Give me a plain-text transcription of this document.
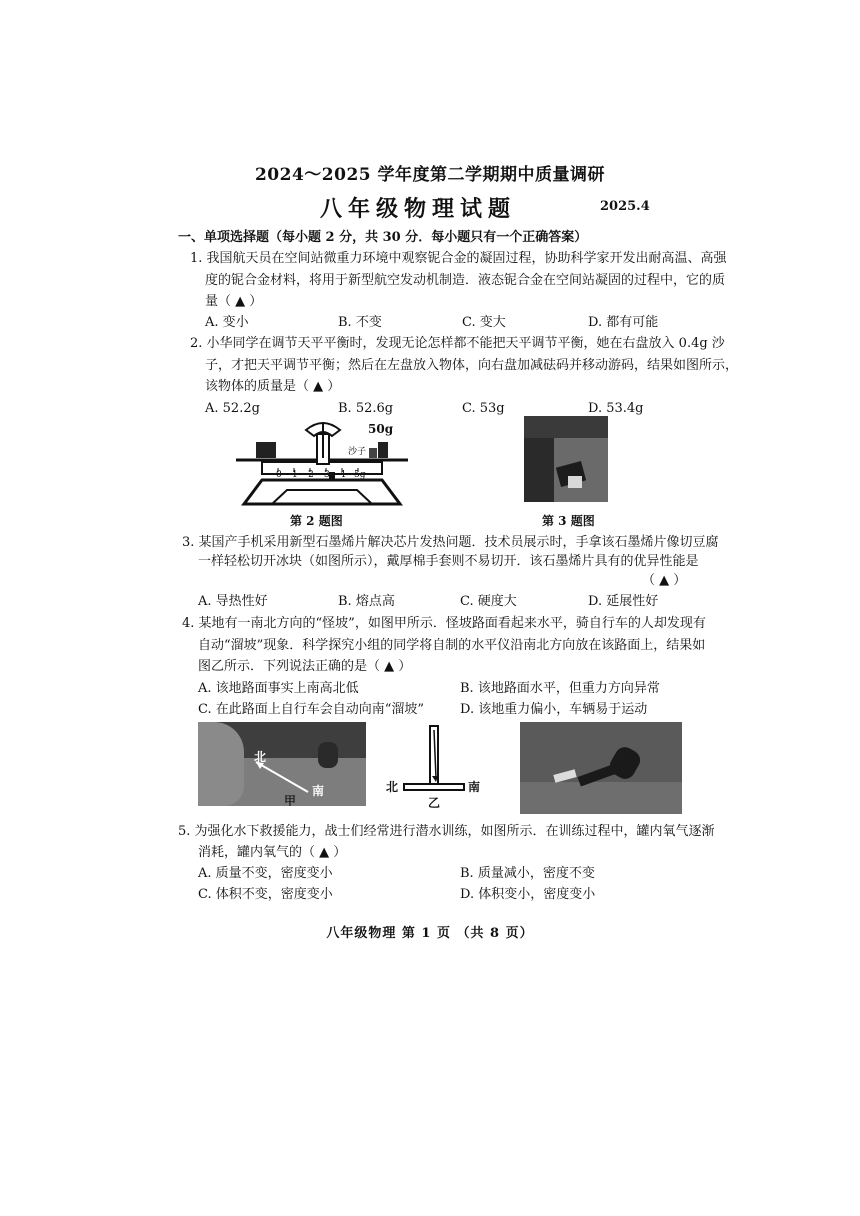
2024～2025 学年度第二学期期中质量调研
八年级物理试题	2025.4
一、单项选择题（每小题 2 分，共 30 分．每小题只有一个正确答案）
1. 我国航天员在空间站微重力环境中观察铌合金的凝固过程，协助科学家开发出耐高温、高强
度的铌合金材料，将用于新型航空发动机制造．液态铌合金在空间站凝固的过程中，它的质
量（ ▲ ）
A. 变小	B. 不变	C. 变大	D. 都有可能
2. 小华同学在调节天平平衡时，发现无论怎样都不能把天平调节平衡，她在右盘放入 0.4g 沙
子，才把天平调节平衡；然后在左盘放入物体，向右盘加减砝码并移动游码，结果如图所示，
该物体的质量是（ ▲ ）
A. 52.2g	B. 52.6g	C. 53g	D. 53.4g
50g
沙子
0 1 2 3 4 5g
第 2 题图	第 3 题图
3. 某国产手机采用新型石墨烯片解决芯片发热问题．技术员展示时，手拿该石墨烯片像切豆腐
一样轻松切开冰块（如图所示），戴厚棉手套则不易切开．该石墨烯片具有的优异性能是
（ ▲ ）
A. 导热性好	B. 熔点高	C. 硬度大	D. 延展性好
4. 某地有一南北方向的“怪坡”，如图甲所示．怪坡路面看起来水平，骑自行车的人却发现有
自动“溜坡”现象．科学探究小组的同学将自制的水平仪沿南北方向放在该路面上，结果如
图乙所示．下列说法正确的是（ ▲ ）
A. 该地路面事实上南高北低	B. 该地路面水平，但重力方向异常
C. 在此路面上自行车会自动向南“溜坡”	D. 该地重力偏小，车辆易于运动
北
南
甲
北	南
乙
5. 为强化水下救援能力，战士们经常进行潜水训练，如图所示．在训练过程中，罐内氧气逐渐
消耗，罐内氧气的（ ▲ ）
A. 质量不变，密度变小	B. 质量减小，密度不变
C. 体积不变，密度变小	D. 体积变小，密度变小
八年级物理 第 1 页 （共 8 页）
